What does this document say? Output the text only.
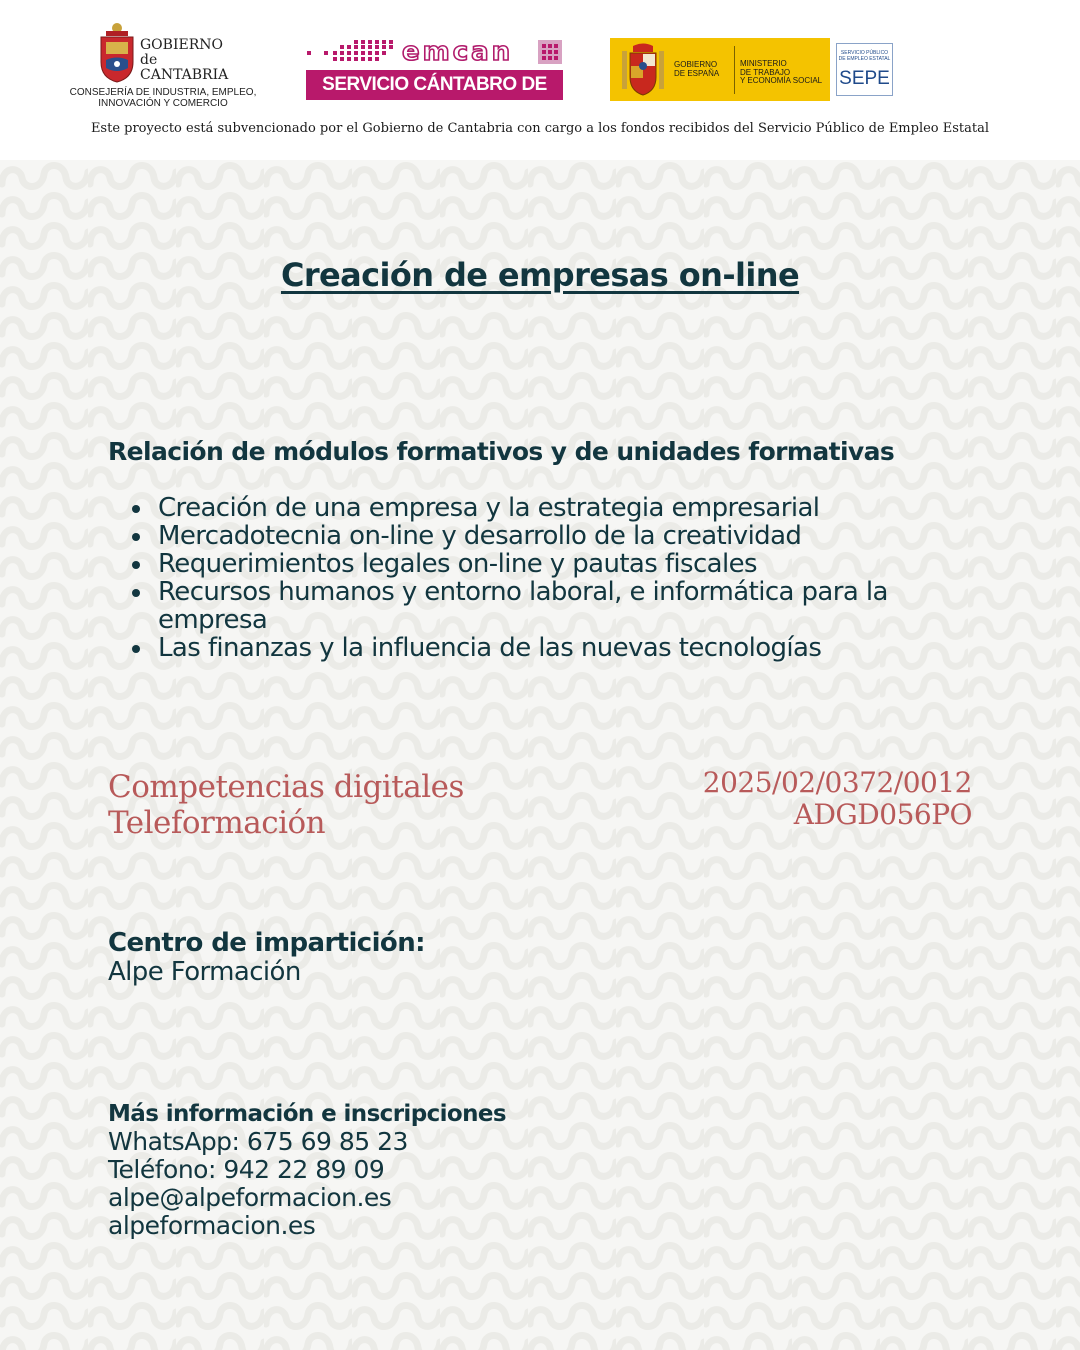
GOBIERNO
de
CANTABRIA
CONSEJERÍA DE INDUSTRIA, EMPLEO,
INNOVACIÓN Y COMERCIO
emcan
SERVICIO CÁNTABRO DE EMPLEO
GOBIERNO
DE ESPAÑA
MINISTERIO
DE TRABAJO
Y ECONOMÍA SOCIAL
SERVICIO PÚBLICO
DE EMPLEO ESTATAL
SEPE
Este proyecto está subvencionado por el Gobierno de Cantabria con cargo a los fondos recibidos del Servicio Público de Empleo Estatal
Creación de empresas on-line
Relación de módulos formativos y de unidades formativas
Creación de una empresa y la estrategia empresarial
Mercadotecnia on-line y desarrollo de la creatividad
Requerimientos legales on-line y pautas fiscales
Recursos humanos y entorno laboral, e informática para la empresa
Las finanzas y la influencia de las nuevas tecnologías
Competencias digitales
Teleformación
2025/02/0372/0012
ADGD056PO
Centro de impartición:
Alpe Formación
Más información e inscripciones
WhatsApp: 675 69 85 23
Teléfono: 942 22 89 09
alpe@alpeformacion.es
alpeformacion.es
